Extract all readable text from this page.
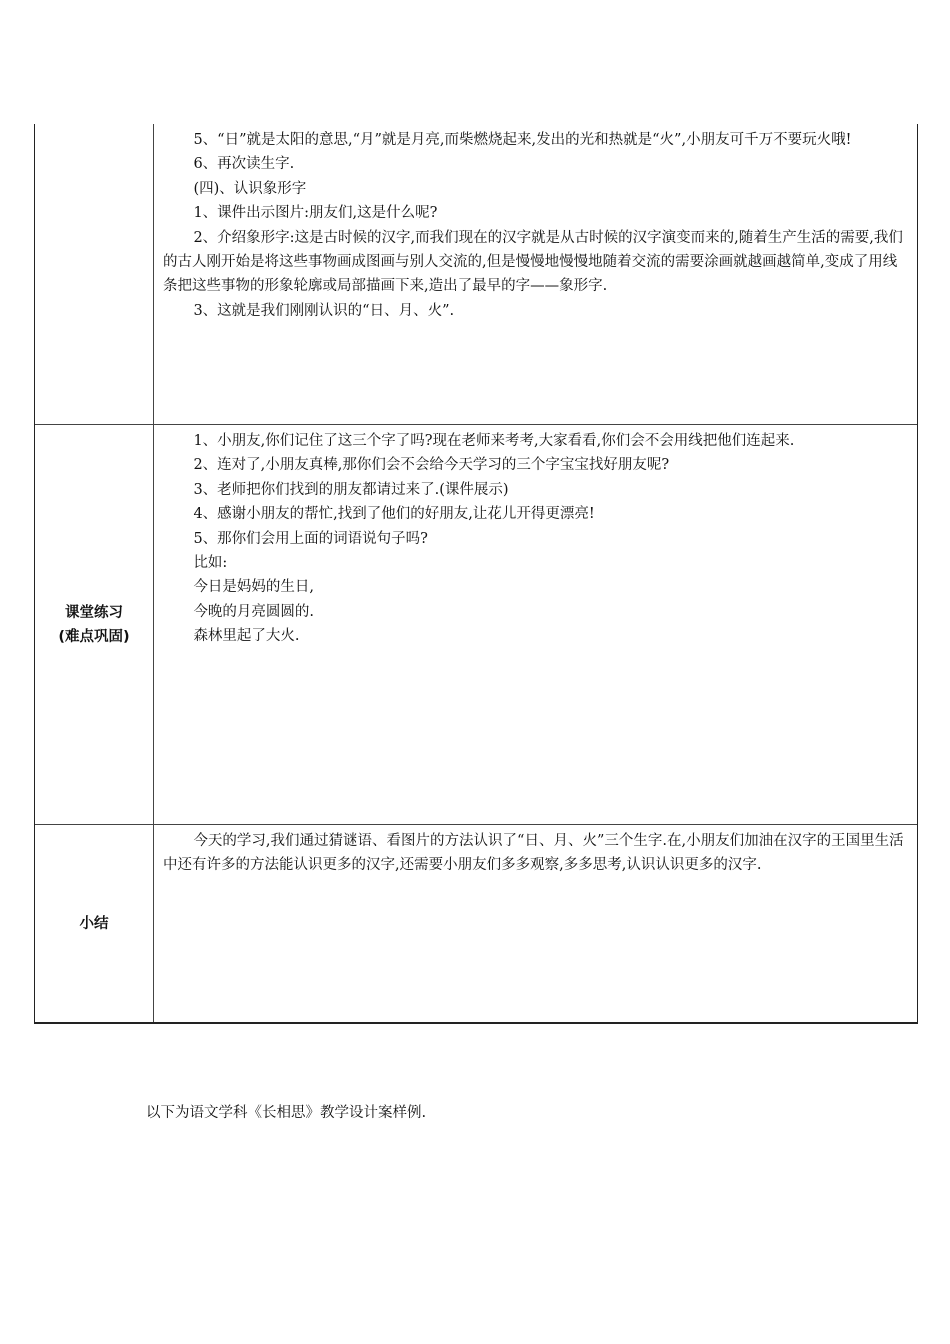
5、“日”就是太阳的意思,“月”就是月亮,而柴燃烧起来,发出的光和热就是“火”,小朋友可千万不要玩火哦!

6、再次读生字.

(四)、认识象形字

1、课件出示图片:朋友们,这是什么呢?

2、介绍象形字:这是古时候的汉字,而我们现在的汉字就是从古时候的汉字演变而来的,随着生产生活的需要,我们的古人刚开始是将这些事物画成图画与别人交流的,但是慢慢地慢慢地随着交流的需要涂画就越画越简单,变成了用线条把这些事物的形象轮廓或局部描画下来,造出了最早的字——象形字.

3、这就是我们刚刚认识的“日、月、火”.

课堂练习
(难点巩固)

1、小朋友,你们记住了这三个字了吗?现在老师来考考,大家看看,你们会不会用线把他们连起来.

2、连对了,小朋友真棒,那你们会不会给今天学习的三个字宝宝找好朋友呢?

3、老师把你们找到的朋友都请过来了.(课件展示)

4、感谢小朋友的帮忙,找到了他们的好朋友,让花儿开得更漂亮!

5、那你们会用上面的词语说句子吗?

比如:

今日是妈妈的生日,

今晚的月亮圆圆的.

森林里起了大火.

小结

今天的学习,我们通过猜谜语、看图片的方法认识了“日、月、火”三个生字.在,小朋友们加油在汉字的王国里生活中还有许多的方法能认识更多的汉字,还需要小朋友们多多观察,多多思考,认识认识更多的汉字.

以下为语文学科《长相思》教学设计案样例.
